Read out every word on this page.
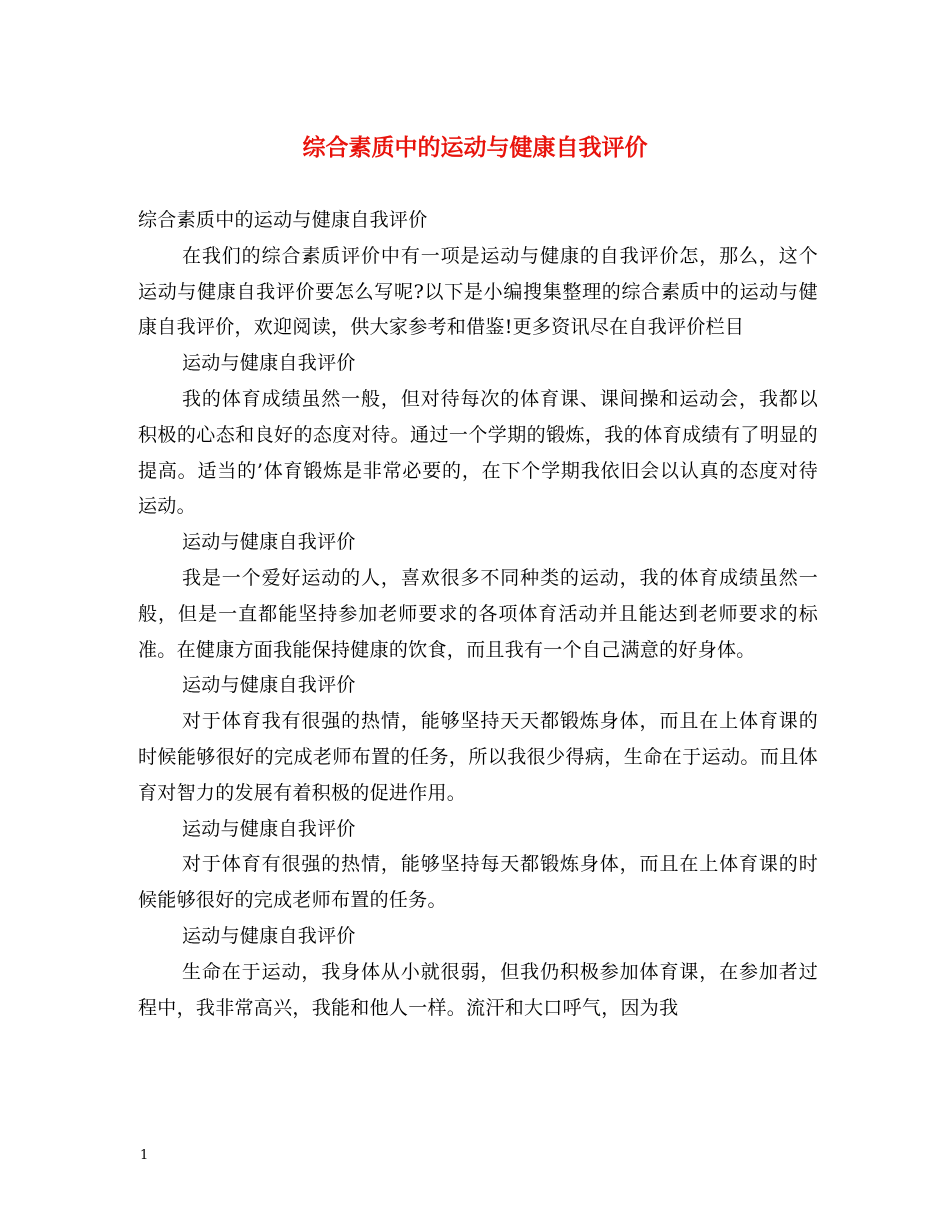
综合素质中的运动与健康自我评价

综合素质中的运动与健康自我评价

在我们的综合素质评价中有一项是运动与健康的自我评价怎，那么，这个运动与健康自我评价要怎么写呢?以下是小编搜集整理的综合素质中的运动与健康自我评价，欢迎阅读，供大家参考和借鉴!更多资讯尽在自我评价栏目

运动与健康自我评价

我的体育成绩虽然一般，但对待每次的体育课、课间操和运动会，我都以积极的心态和良好的态度对待。通过一个学期的锻炼，我的体育成绩有了明显的提高。适当的’体育锻炼是非常必要的，在下个学期我依旧会以认真的态度对待运动。

运动与健康自我评价

我是一个爱好运动的人，喜欢很多不同种类的运动，我的体育成绩虽然一般，但是一直都能坚持参加老师要求的各项体育活动并且能达到老师要求的标准。在健康方面我能保持健康的饮食，而且我有一个自己满意的好身体。

运动与健康自我评价

对于体育我有很强的热情，能够坚持天天都锻炼身体，而且在上体育课的时候能够很好的完成老师布置的任务，所以我很少得病，生命在于运动。而且体育对智力的发展有着积极的促进作用。

运动与健康自我评价

对于体育有很强的热情，能够坚持每天都锻炼身体，而且在上体育课的时候能够很好的完成老师布置的任务。

运动与健康自我评价

生命在于运动，我身体从小就很弱，但我仍积极参加体育课，在参加者过程中，我非常高兴，我能和他人一样。流汗和大口呼气，因为我

1
